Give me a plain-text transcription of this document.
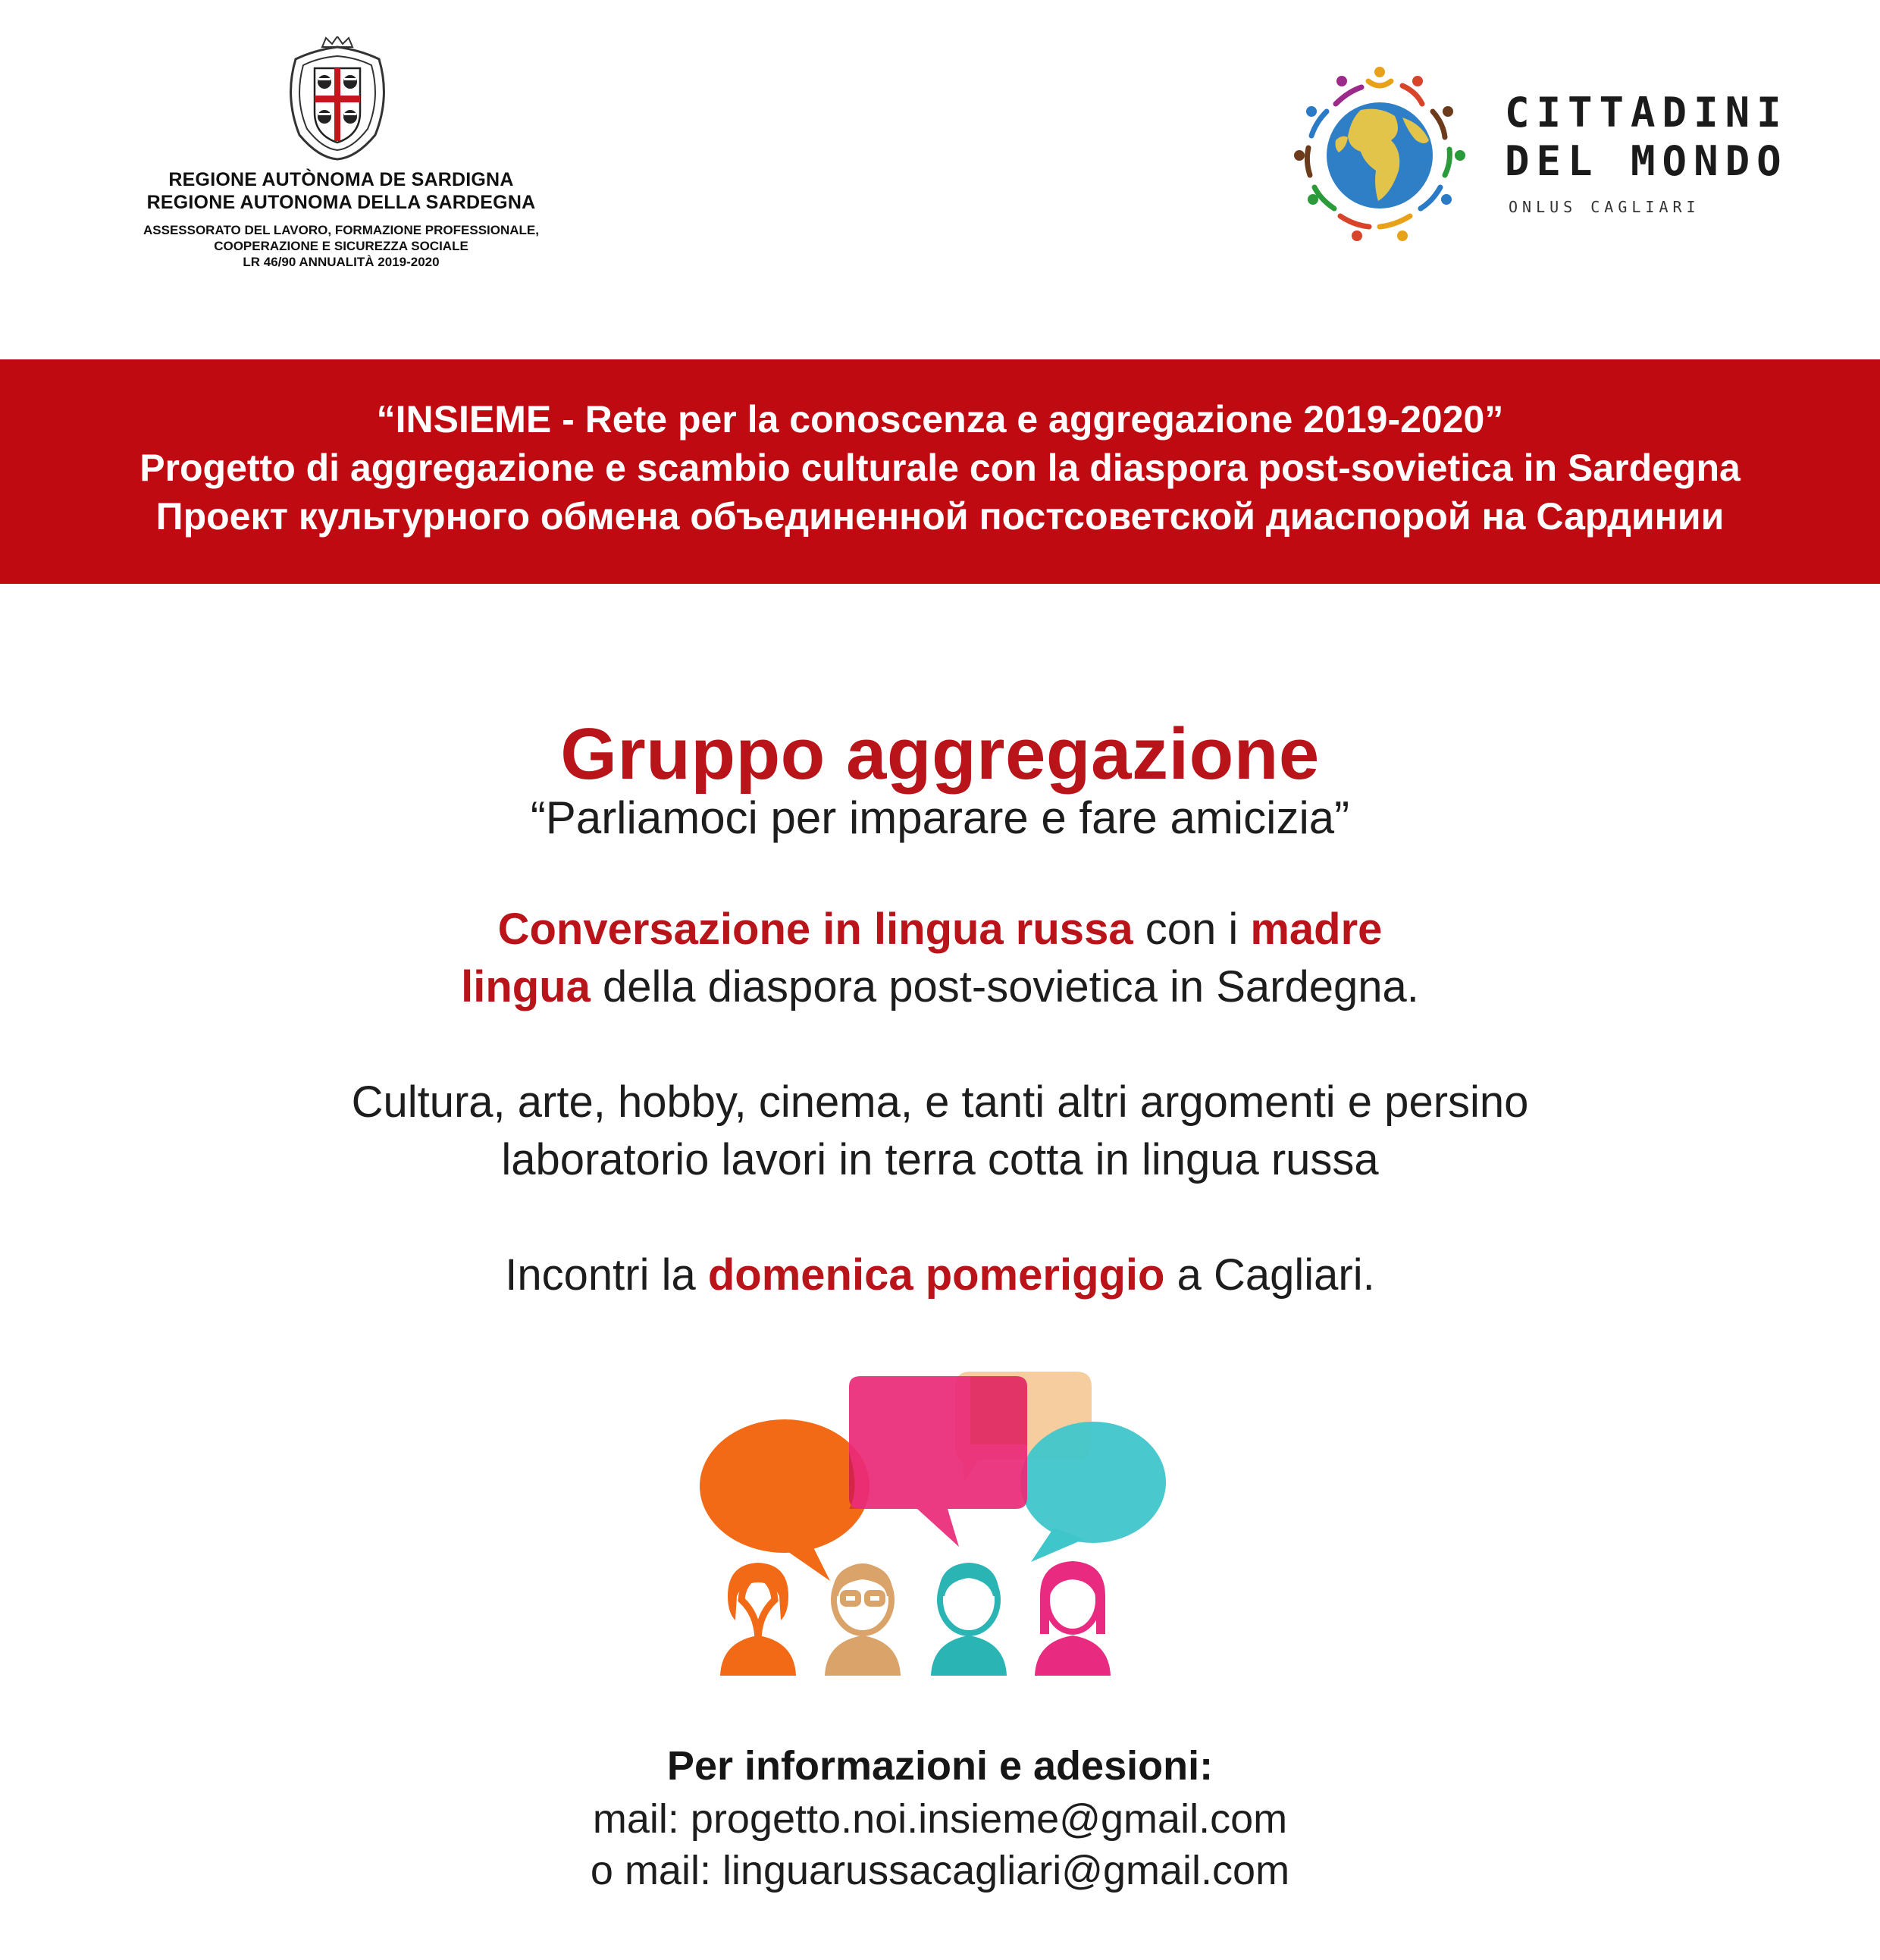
REGIONE AUTÒNOMA DE SARDIGNA
REGIONE AUTONOMA DELLA SARDEGNA
ASSESSORATO DEL LAVORO, FORMAZIONE PROFESSIONALE,
COOPERAZIONE E SICUREZZA SOCIALE
LR 46/90 ANNUALITÀ 2019-2020
CITTADINI
DEL MONDO
ONLUS CAGLIARI
“INSIEME - Rete per la conoscenza e aggregazione 2019-2020”
Progetto di aggregazione e scambio culturale con la diaspora post-sovietica in Sardegna
Проект культурного обмена объединенной постсоветской диаспорой на Сардинии
Gruppo aggregazione
“Parliamoci per imparare e fare amicizia”
Conversazione in lingua russa con i madre
lingua della diaspora post-sovietica in Sardegna.
Cultura, arte, hobby, cinema, e tanti altri argomenti e persino
laboratorio lavori in terra cotta in lingua russa
Incontri la domenica pomeriggio a Cagliari.
Per informazioni e adesioni:
mail: progetto.noi.insieme@gmail.com
o mail: linguarussacagliari@gmail.com
